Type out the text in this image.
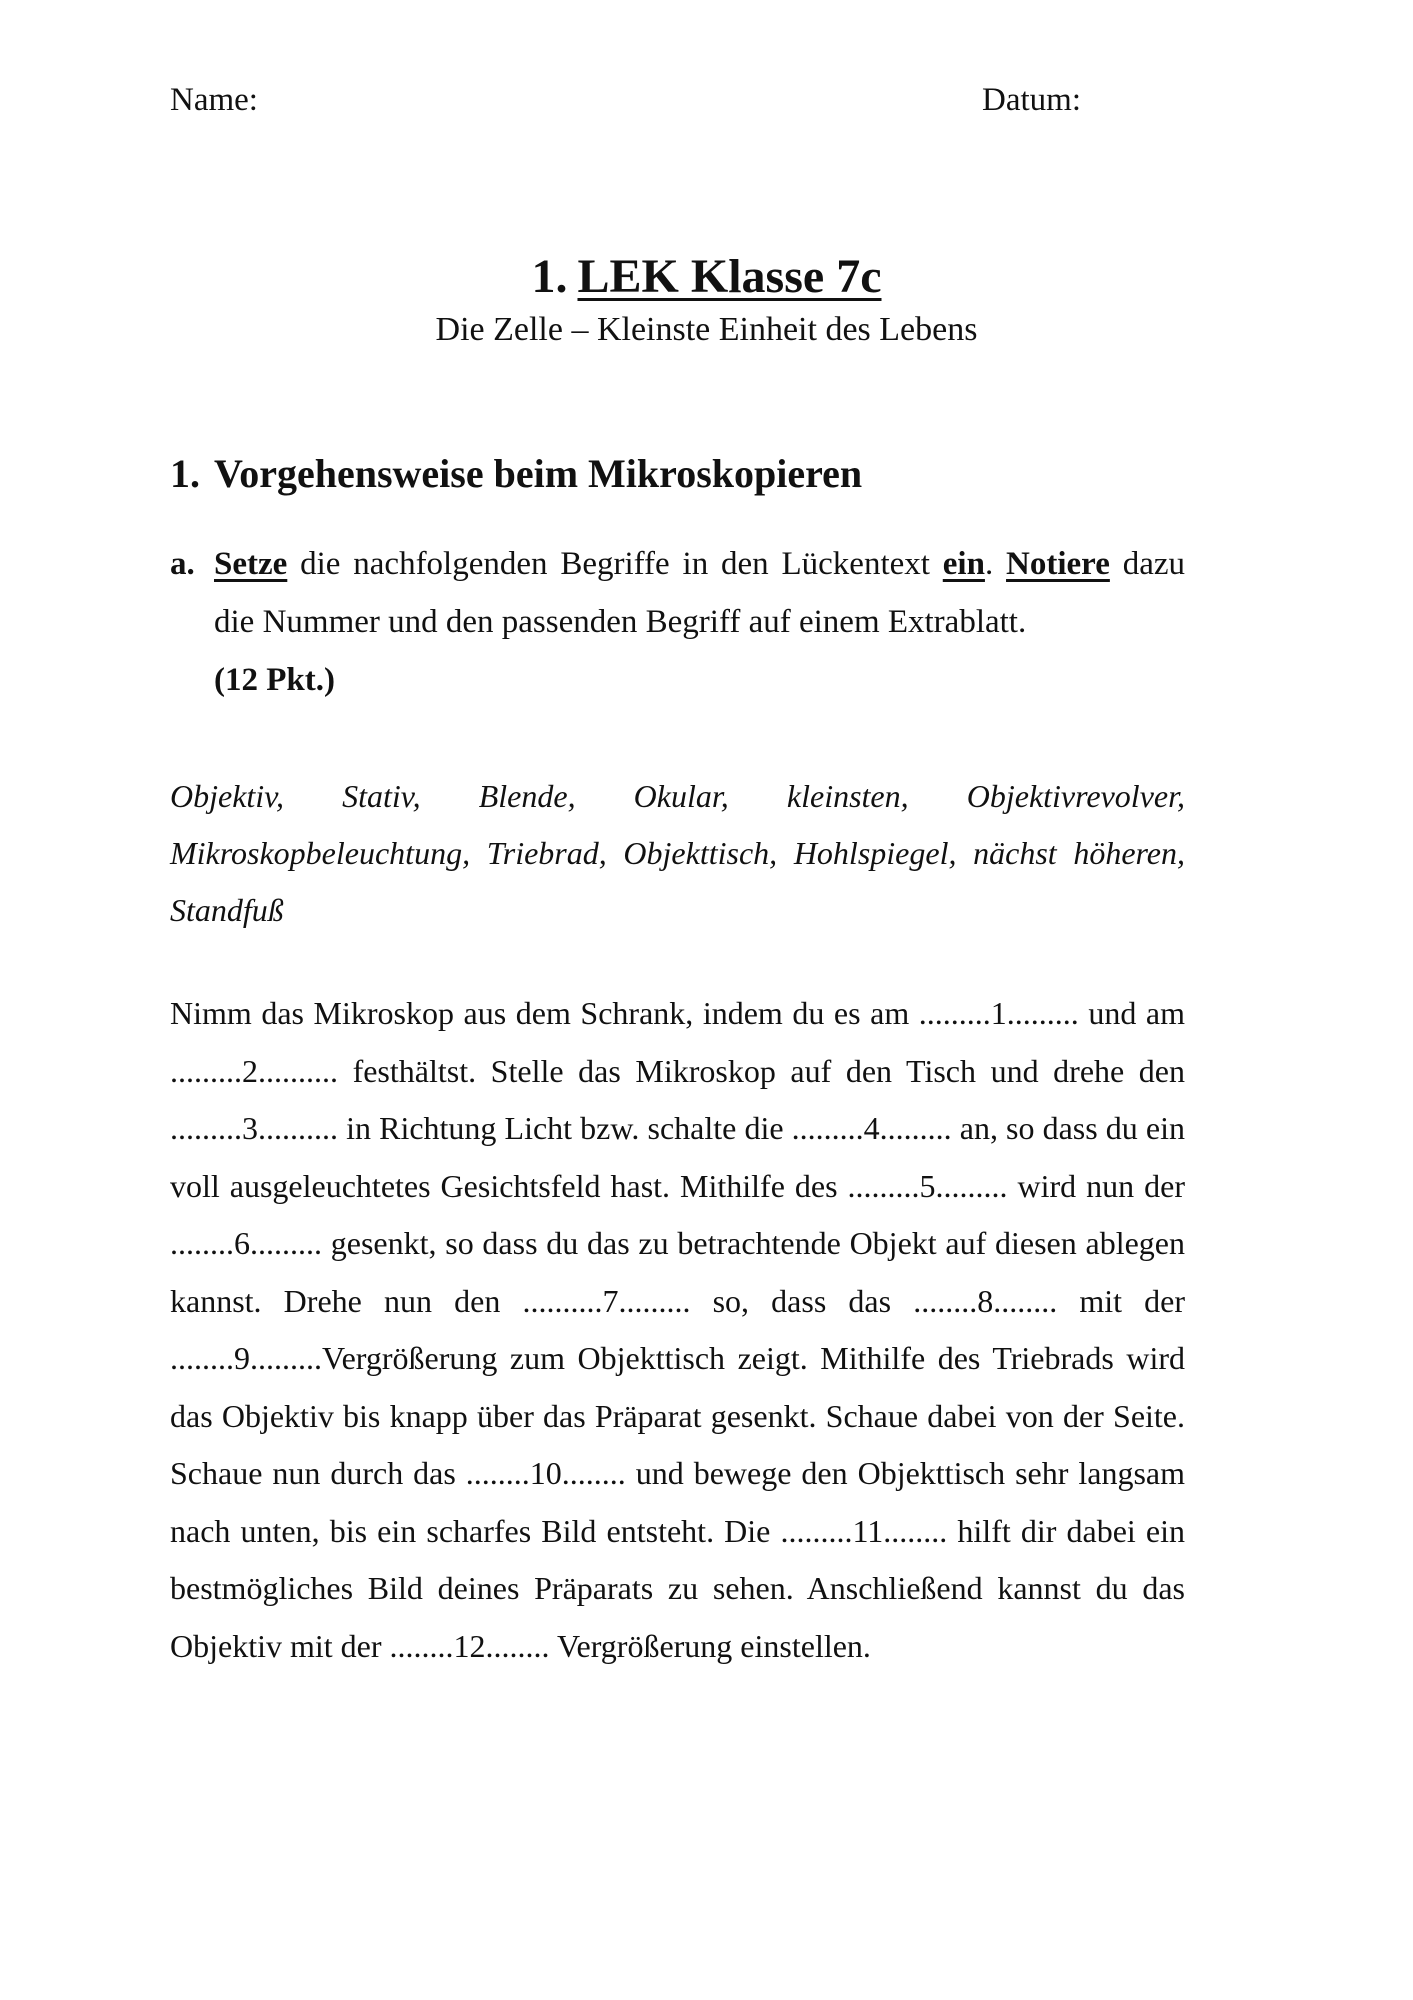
Name:	Datum:
1. LEK Klasse 7c
Die Zelle – Kleinste Einheit des Lebens
1. Vorgehensweise beim Mikroskopieren
a. Setze die nachfolgenden Begriffe in den Lückentext ein. Notiere dazu die Nummer und den passenden Begriff auf einem Extrablatt.
(12 Pkt.)
Objektiv, Stativ, Blende, Okular, kleinsten, Objektivrevolver, Mikroskopbeleuchtung, Triebrad, Objekttisch, Hohlspiegel, nächst höheren, Standfuß
Nimm das Mikroskop aus dem Schrank, indem du es am .........1......... und am .........2.......... festhältst. Stelle das Mikroskop auf den Tisch und drehe den .........3.......... in Richtung Licht bzw. schalte die .........4......... an, so dass du ein voll ausgeleuchtetes Gesichtsfeld hast. Mithilfe des .........5......... wird nun der ........6......... gesenkt, so dass du das zu betrachtende Objekt auf diesen ablegen kannst. Drehe nun den ..........7......... so, dass das ........8........ mit der ........9.........Vergrößerung zum Objekttisch zeigt. Mithilfe des Triebrads wird das Objektiv bis knapp über das Präparat gesenkt. Schaue dabei von der Seite. Schaue nun durch das ........10........ und bewege den Objekttisch sehr langsam nach unten, bis ein scharfes Bild entsteht. Die .........11........ hilft dir dabei ein bestmögliches Bild deines Präparats zu sehen. Anschließend kannst du das Objektiv mit der ........12........ Vergrößerung einstellen.
